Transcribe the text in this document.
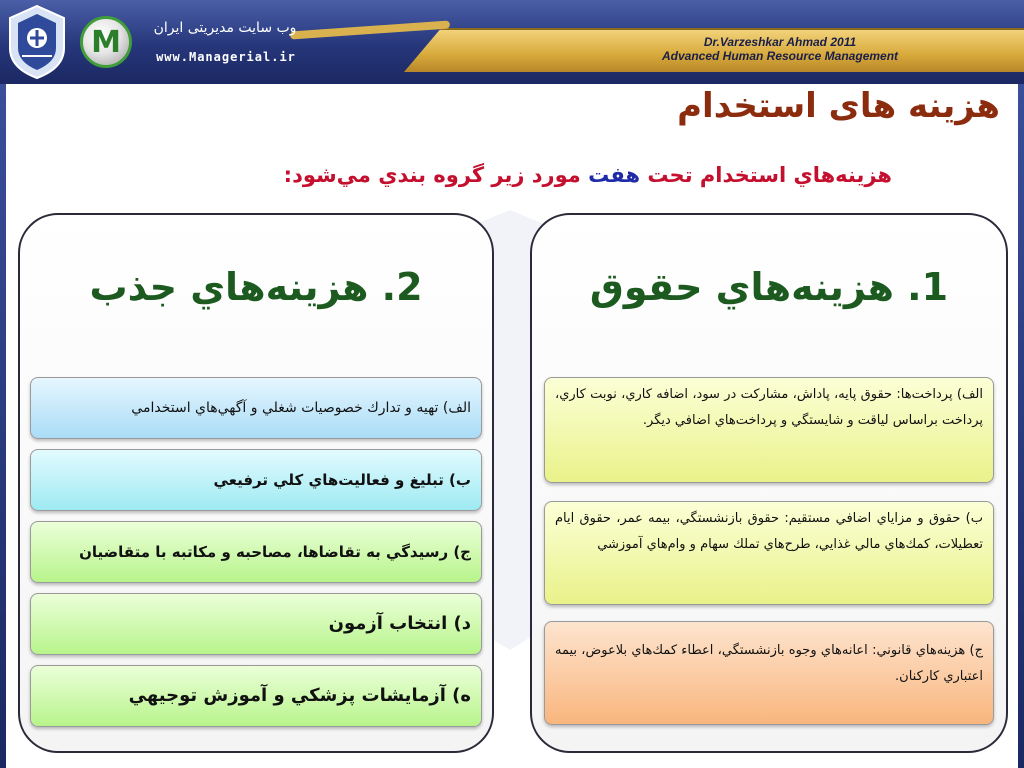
M وب سایت مدیریتی ایران
www.Managerial.ir
Dr.Varzeshkar Ahmad 2011
Advanced Human Resource Management
هزینه های استخدام
هزينه‌هاي استخدام تحت هفت مورد زير گروه بندي مي‌شود:
1. هزينه‌هاي حقوق
الف) پرداخت‌ها: حقوق پايه، پاداش، مشاركت در سود، اضافه كاري، نوبت كاري، پرداخت براساس لياقت و شايستگي و پرداخت‌هاي اضافي ديگر.
ب) حقوق و مزاياي اضافي مستقيم: حقوق بازنشستگي، بيمه عمر، حقوق ايام تعطيلات، كمك‌هاي مالي غذايي، طرح‌هاي تملك سهام و وام‌هاي آموزشي
ج) هزينه‌هاي قانوني: اعانه‌هاي وجوه بازنشستگي، اعطاء كمك‌هاي بلاعوض، بيمه اعتباري كاركنان.
2. هزينه‌هاي جذب
الف) تهيه و تدارك خصوصيات شغلي و آگهي‌هاي استخدامي
ب) تبليغ و فعاليت‌هاي كلي ترفيعي
ج) رسيدگي به تقاضاها، مصاحبه و مكاتبه با متقاضيان
د) انتخاب آزمون
ه) آزمايشات پزشكي و آموزش توجيهي
